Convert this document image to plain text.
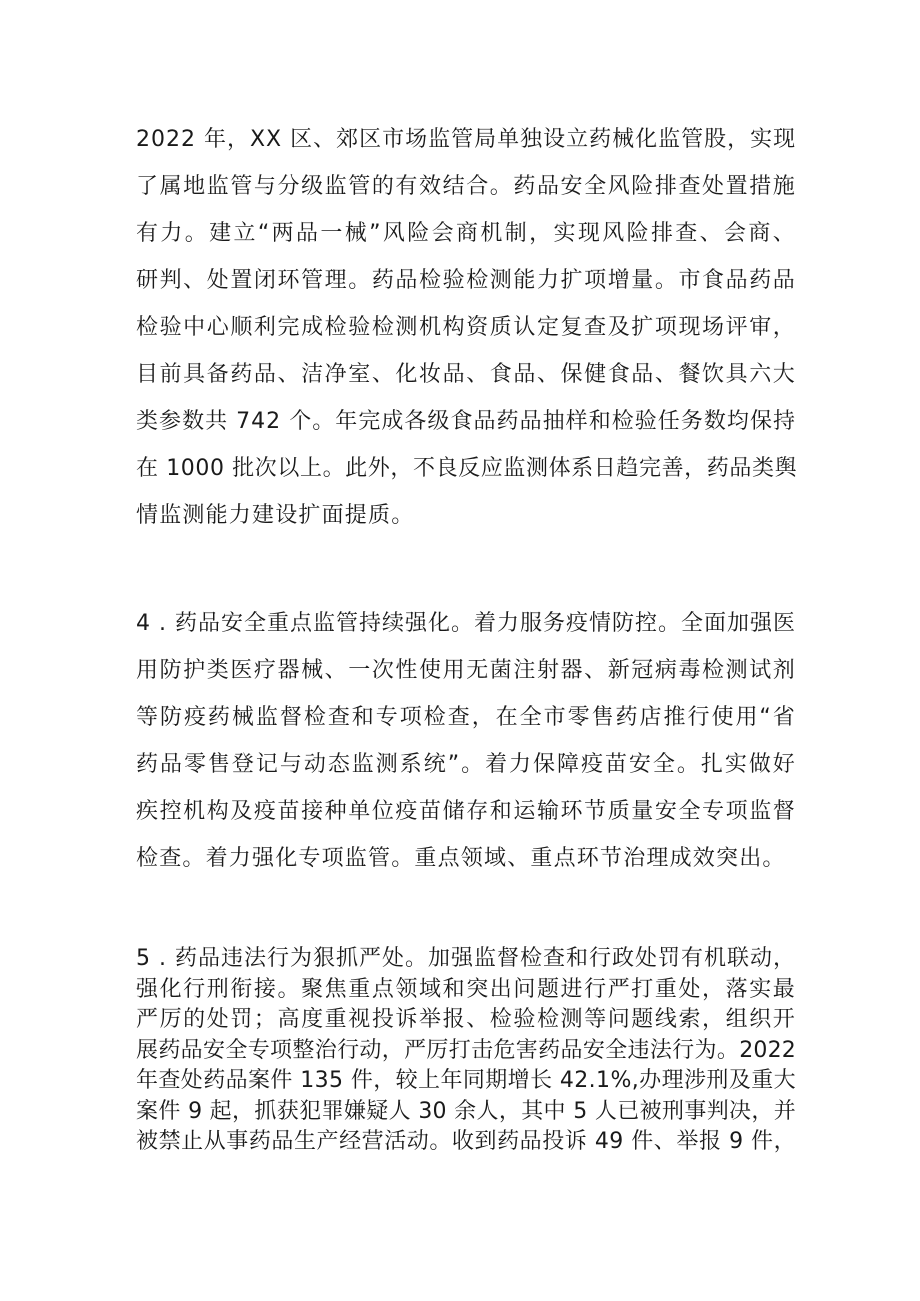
2022 年，XX 区、郊区市场监管局单独设立药械化监管股，实现
了属地监管与分级监管的有效结合。药品安全风险排查处置措施
有力。建立“两品一械”风险会商机制，实现风险排查、会商、
研判、处置闭环管理。药品检验检测能力扩项增量。市食品药品
检验中心顺利完成检验检测机构资质认定复查及扩项现场评审，
目前具备药品、洁净室、化妆品、食品、保健食品、餐饮具六大
类参数共 742 个。年完成各级食品药品抽样和检验任务数均保持
在 1000 批次以上。此外，不良反应监测体系日趋完善，药品类舆
情监测能力建设扩面提质。
4 . 药品安全重点监管持续强化。着力服务疫情防控。全面加强医
用防护类医疗器械、一次性使用无菌注射器、新冠病毒检测试剂
等防疫药械监督检查和专项检查，在全市零售药店推行使用“省
药品零售登记与动态监测系统”。着力保障疫苗安全。扎实做好
疾控机构及疫苗接种单位疫苗储存和运输环节质量安全专项监督
检查。着力强化专项监管。重点领域、重点环节治理成效突出。
5 . 药品违法行为狠抓严处。加强监督检查和行政处罚有机联动，
强化行刑衔接。聚焦重点领域和突出问题进行严打重处，落实最
严厉的处罚；高度重视投诉举报、检验检测等问题线索，组织开
展药品安全专项整治行动，严厉打击危害药品安全违法行为。2022
年查处药品案件 135 件，较上年同期增长 42.1%,办理涉刑及重大
案件 9 起，抓获犯罪嫌疑人 30 余人，其中 5 人已被刑事判决，并
被禁止从事药品生产经营活动。收到药品投诉 49 件、举报 9 件，
